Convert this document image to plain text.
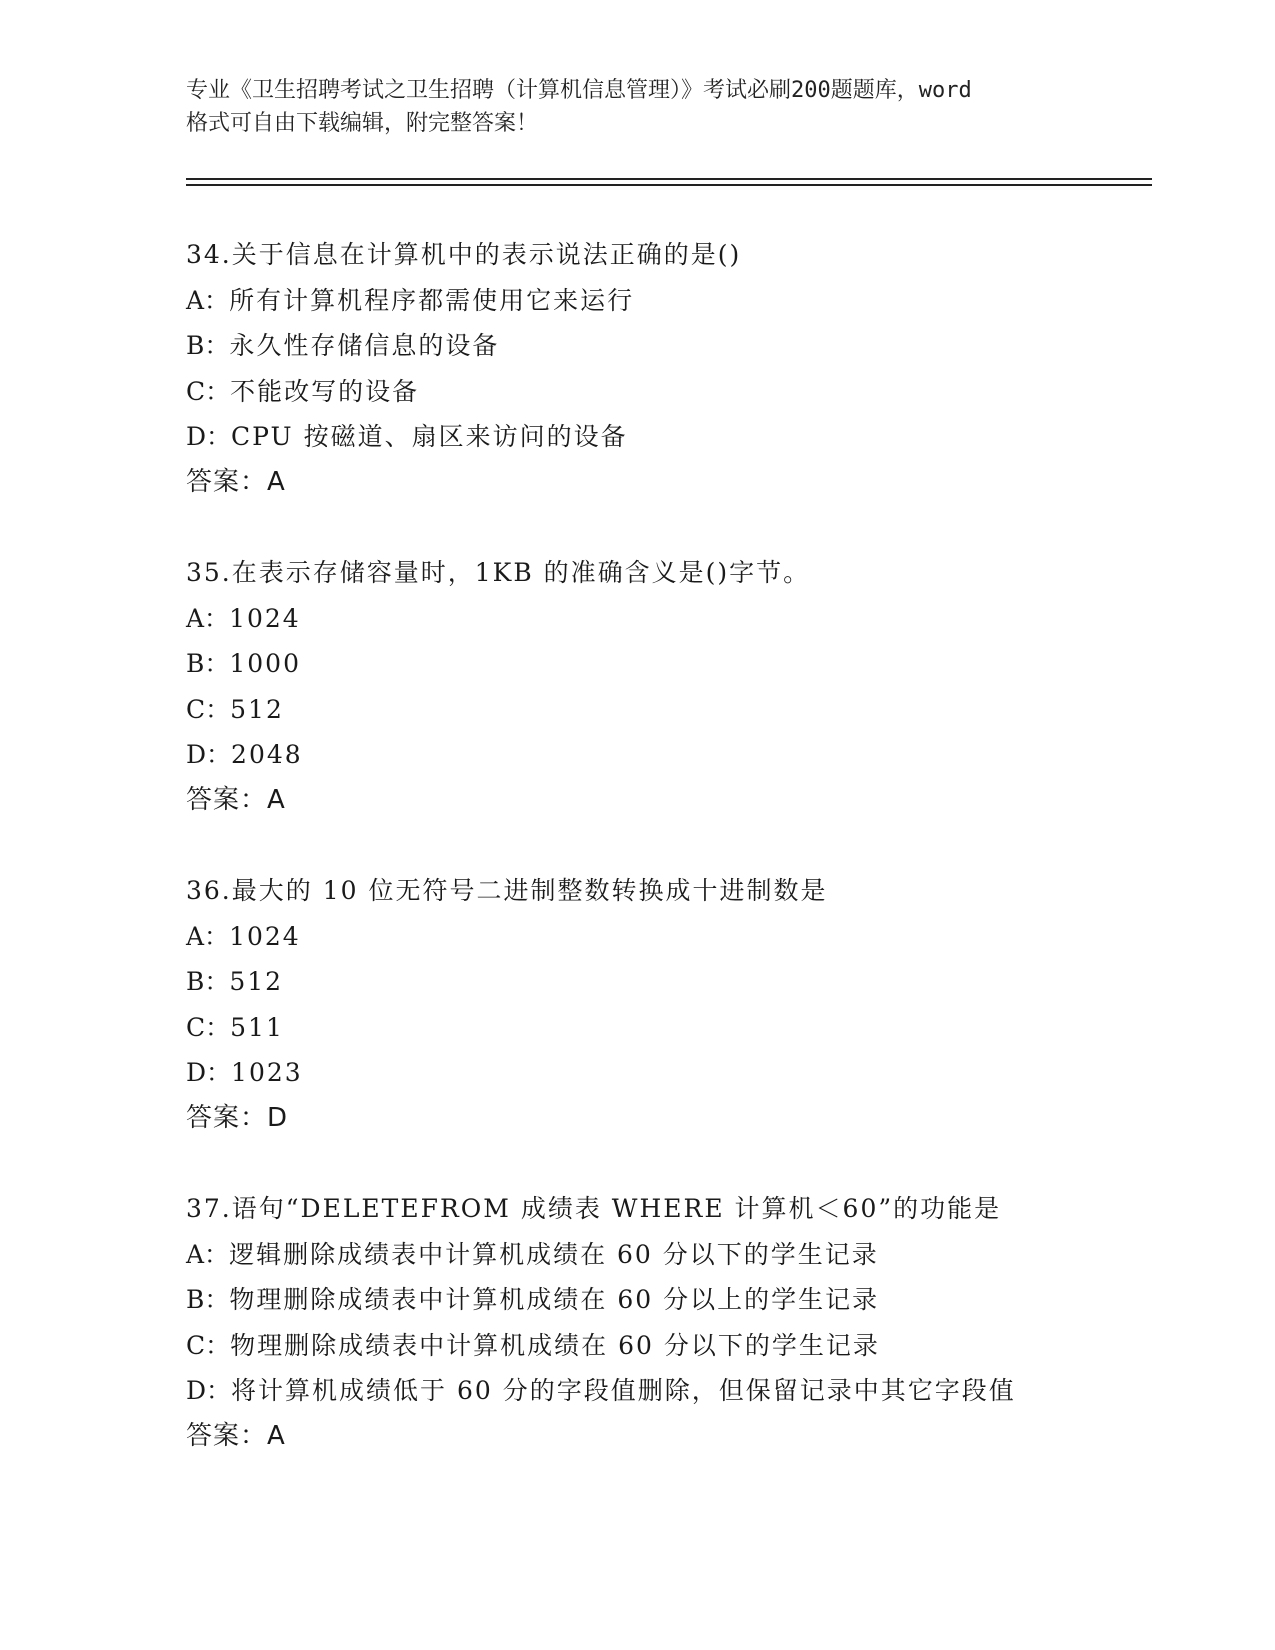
专业《卫生招聘考试之卫生招聘（计算机信息管理）》考试必刷200题题库，word
格式可自由下载编辑，附完整答案！
34.关于信息在计算机中的表示说法正确的是()
A：所有计算机程序都需使用它来运行
B：永久性存储信息的设备
C：不能改写的设备
D：CPU 按磁道、扇区来访问的设备
答案：A
35.在表示存储容量时，1KB 的准确含义是()字节。
A：1024
B：1000
C：512
D：2048
答案：A
36.最大的 10 位无符号二进制整数转换成十进制数是
A：1024
B：512
C：511
D：1023
答案：D
37.语句“DELETEFROM 成绩表 WHERE 计算机＜60”的功能是
A：逻辑删除成绩表中计算机成绩在 60 分以下的学生记录
B：物理删除成绩表中计算机成绩在 60 分以上的学生记录
C：物理删除成绩表中计算机成绩在 60 分以下的学生记录
D：将计算机成绩低于 60 分的字段值删除，但保留记录中其它字段值
答案：A
